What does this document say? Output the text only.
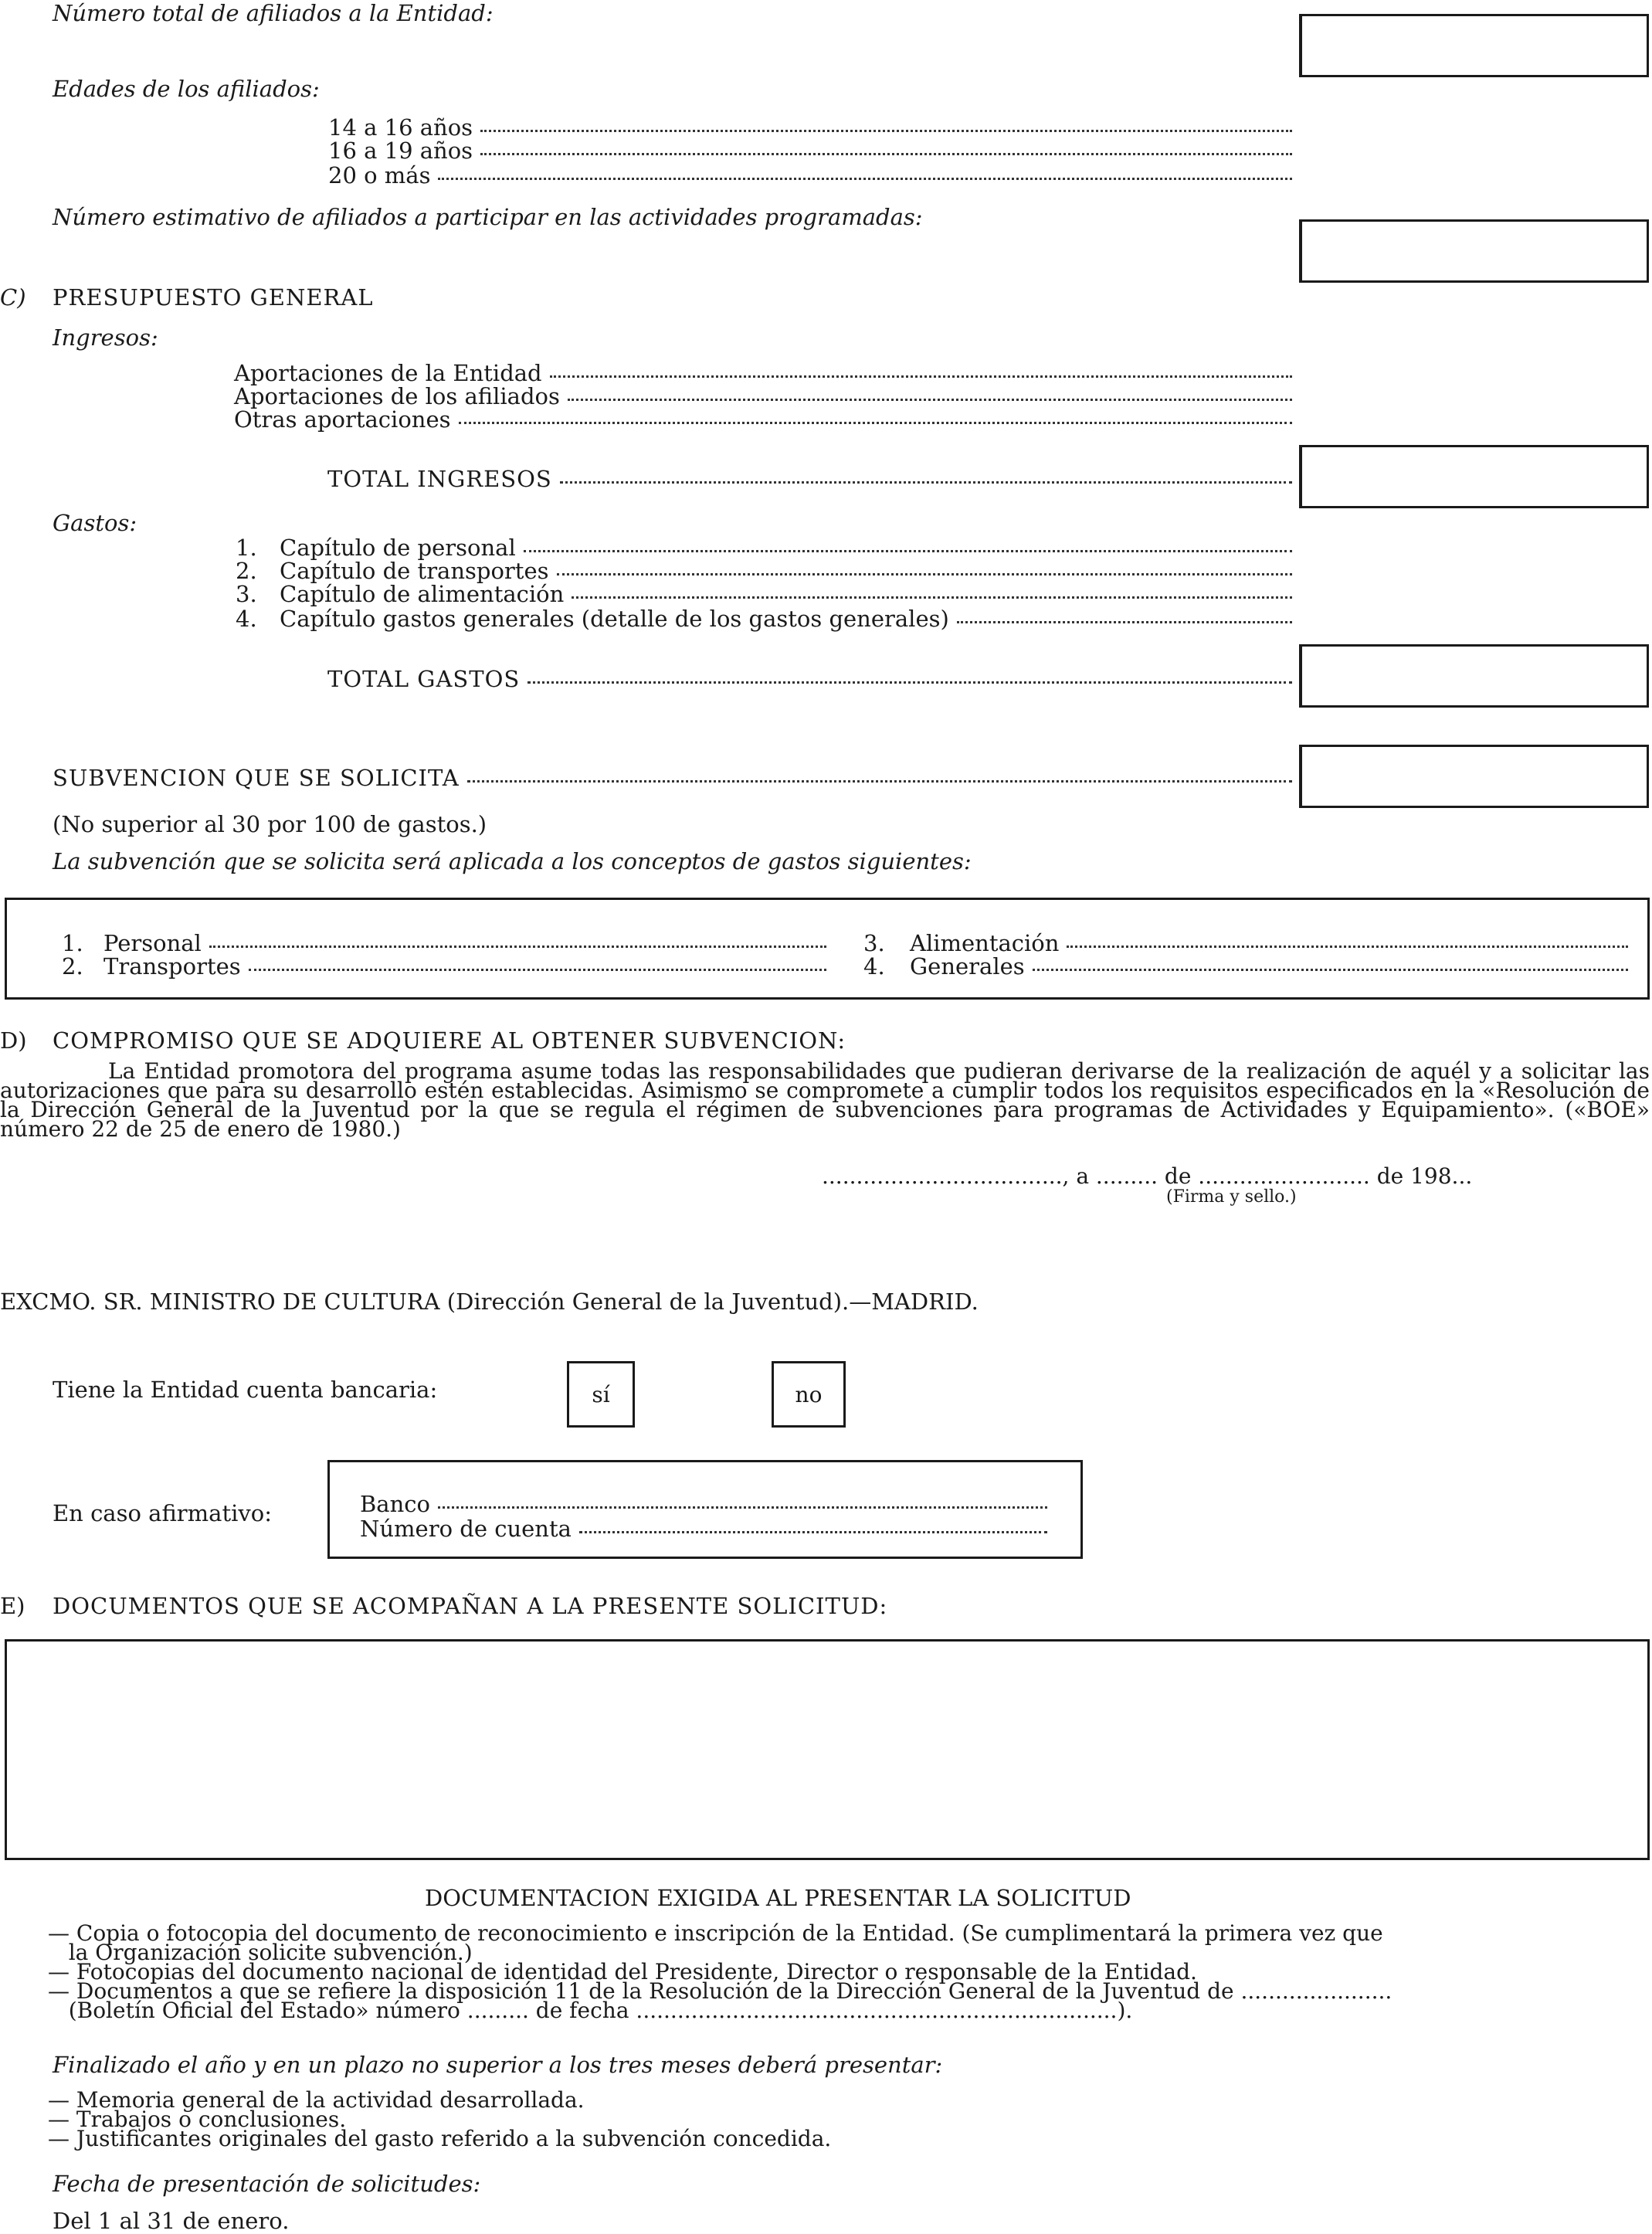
Número total de afiliados a la Entidad:
Edades de los afiliados:
14 a 16 años
16 a 19 años
20 o más
Número estimativo de afiliados a participar en las actividades programadas:
C) PRESUPUESTO GENERAL
Ingresos:
Aportaciones de la Entidad
Aportaciones de los afiliados
Otras aportaciones
TOTAL INGRESOS
Gastos:
1.	Capítulo de personal
2.	Capítulo de transportes
3.	Capítulo de alimentación
4.	Capítulo gastos generales (detalle de los gastos generales)
TOTAL GASTOS
SUBVENCION QUE SE SOLICITA
(No superior al 30 por 100 de gastos.)
La subvención que se solicita será aplicada a los conceptos de gastos siguientes:
1. Personal
2. Transportes
3.	Alimentación
4.	Generales
D) COMPROMISO QUE SE ADQUIERE AL OBTENER SUBVENCION:
La Entidad promotora del programa asume todas las responsabilidades que pudieran derivarse de la realización de aquél y a solicitar las autorizaciones que para su desarrollo estén establecidas. Asimismo se compromete a cumplir todos los requisitos especificados en la «Resolución de la Dirección General de la Juventud por la que se regula el régimen de subvenciones para programas de Actividades y Equipamiento». («BOE» número 22 de 25 de enero de 1980.)
..................................., a ......... de ......................... de 198...
(Firma y sello.)
EXCMO. SR. MINISTRO DE CULTURA (Dirección General de la Juventud).—MADRID.
Tiene la Entidad cuenta bancaria:	sí	no
En caso afirmativo:	Banco
Número de cuenta
E) DOCUMENTOS QUE SE ACOMPAÑAN A LA PRESENTE SOLICITUD:
DOCUMENTACION EXIGIDA AL PRESENTAR LA SOLICITUD
— Copia o fotocopia del documento de reconocimiento e inscripción de la Entidad. (Se cumplimentará la primera vez que
la Organización solicite subvención.)
— Fotocopias del documento nacional de identidad del Presidente, Director o responsable de la Entidad.
— Documentos a que se refiere la disposición 11 de la Resolución de la Dirección General de la Juventud de ......................
(Boletín Oficial del Estado» número ......... de fecha ......................................................................).
Finalizado el año y en un plazo no superior a los tres meses deberá presentar:
— Memoria general de la actividad desarrollada.
— Trabajos o conclusiones.
— Justificantes originales del gasto referido a la subvención concedida.
Fecha de presentación de solicitudes:
Del 1 al 31 de enero.
